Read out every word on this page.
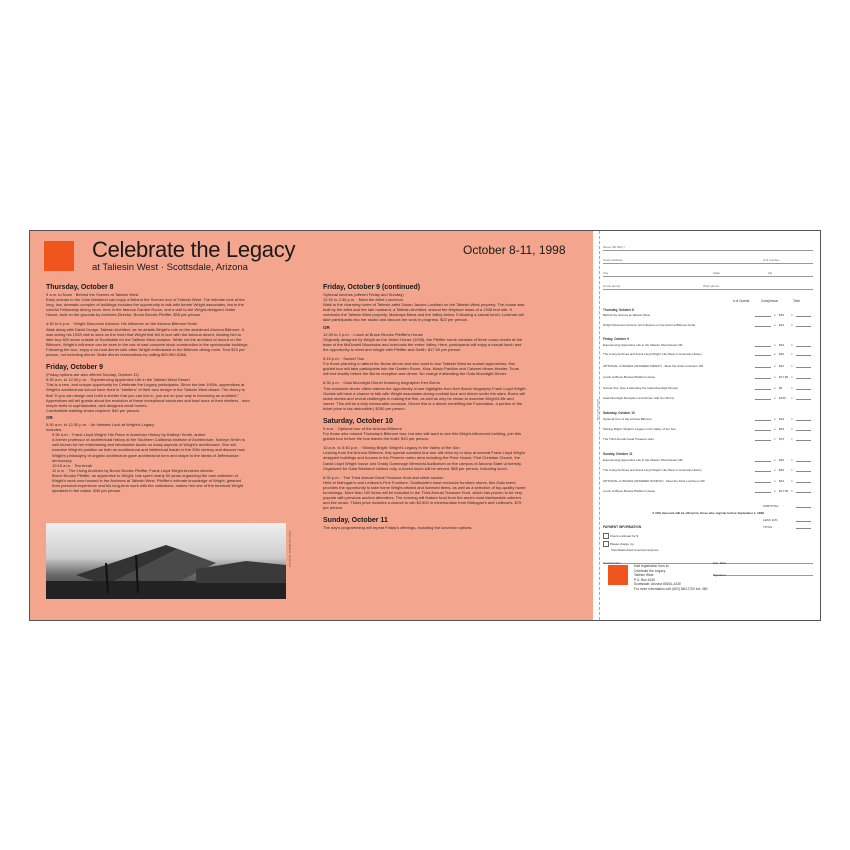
Celebrate the Legacy
at Taliesin West · Scottsdale, Arizona
October 8-11, 1998
Thursday, October 8
9 a.m. to Noon · Behind the Scenes at Taliesin West
Early arrivals to the Gala Weekend can enjoy a Behind the Scenes tour of Taliesin West. The intimate look at the
long, low, dramatic complex of buildings includes the opportunity to talk with former Wright associates, tea in the
colorful Fellowship dining room, time in the famous Garden Room, and a visit to the Wright-designed Jester
House, built on the grounds by Archives Director, Bruce Brooks Pfeiffer. $35 per person.
4:30 to 6 p.m. · Wright Discovers Arizona: His Influence on the Arizona Biltmore Hotel
Walk along with David Dodge, Taliesin Architect, as he details Wright's role on the acclaimed Arizona Biltmore. It
was during his 1928 visit to work on the hotel that Wright first fell in love with the Arizona desert, leading him to
later buy 600 acres outside of Scottsdale for the Taliesin West campus. While not the architect of record on the
Biltmore, Wright's influence can be seen in the use of cast concrete block construction in the spectacular buildings.
Following the tour, enjoy a no-host dinner with other Wright enthusiasts in the Biltmore dining room. Tour $10 per
person, not including dinner. Make dinner reservations by calling 800-950-0086.
Friday, October 9
(Friday options are also offered Sunday, October 11)
9:30 a.m. to 12:30 p.m. · Experiencing Apprentice Life in the Taliesin West Desert
This is a rare, and unique opportunity for Celebrate the Legacy participants. Since the late 1930s, apprentices at
Wright's architectural school have lived in "shelters" of their own design in the Taliesin West desert. The theory is
that "If you can design and build a shelter that you can live in, you are on your way to becoming an architect."
Apprentices will tell guests about the evolution of these exceptional structures and lead tours of their shelters - from
simple tents to sophisticated, well-designed small homes.
Comfortable walking shoes required. $40 per person.
OR
9:30 a.m. to 12:30 p.m. · An Intimate Look at Wright's Legacy
Includes:
9:30 a.m. · Frank Lloyd Wright: His Place in American History by Kathryn Smith, author
A former professor of architectural history at the Southern California Institute of Architecture, Kathryn Smith is
well known for her entertaining and informative books on many aspects of Wright's architecture. She will
examine Wright's position as both an architectural and intellectual leader in the 20th century and discuss how
Wright's philosophy of organic architecture gave architectural form and shape to the ideals of Jeffersonian
democracy.
10:15 a.m. · Tea break
11 a.m. · The Living Archives by Bruce Brooks Pfeiffer, Frank Lloyd Wright Archives director
Bruce Brooks Pfeiffer, an apprentice to Wright, has spent nearly 50 years organizing the vast collection of
Wright's work now housed in the Archives at Taliesin West. Pfeiffer's intimate knowledge of Wright, gleaned
from personal experience and his long-term work with the collections, makes him one of the foremost Wright
speakers in the nation. $40 per person.
Photo by Mark E. Guerrera
Friday, October 9 (continued)
Optional lunches (offered Friday and Sunday)
12:30 to 2:30 p.m. · Meet the Artist Luncheon
Walk to the charming home of Taliesin artist Susan Jacobs Lockhart on the Taliesin West property. The house was
built by the artist and her late husband, a Taliesin Architect, around the fireplace mass of a 1938 tent site. It
overlooks the Taliesin West property, Maricopa Mesa and the Valley below. Following a casual lunch, Lockhart will
take participants into her studio and discuss her work in progress. $22 per person.
OR
12:30 to 2 p.m. · Lunch at Bruce Brooks Pfeiffer's House
Originally designed by Wright as the Jester House (1938), the Pfeiffer home consists of three round circles at the
base of the McDowell Mountains and overlooks the entire Valley. Here, participants will enjoy a casual lunch and
the opportunity to meet and mingle with Pfeiffer and Smith. $17.50 per person.
5:15 p.m. · Sunset Tour
For those planning to attend the Burns dinner and who want to tour Taliesin West as sunset approaches, this
guided tour will take participants into the Garden Room, Kiva, Music Pavilion and Cabaret dinner-theater. Tours
will end shortly before the Burns reception and dinner. No charge if attending the Gala Moonlight Dinner.
6:30 p.m. · Gala Moonlight Dinner featuring biographer Ken Burns
This exclusive dinner offers visitors the opportunity to see highlights from Ken Burns' biography Frank Lloyd Wright.
Guests will have a chance to talk with Wright associates during cocktail hour and dinner under the stars. Burns will
share stories and reveal challenges in making the film, as well as why he chose to examine Wright's life and
career. This will be a truly memorable occasion. Dinner this is a dinner benefiting the Foundation, a portion of the
ticket price is tax deductible.) $150 per person.
Saturday, October 10
9 a.m. · Optional tour of the Arizona Biltmore
For those who missed Thursday's Biltmore tour, but who still want to see this Wright-influenced building, join this
guided tour before the bus leaves the hotel. $10 per person.
10 a.m. to 3:30 p.m. · Shining Bright: Wright's Legacy in the Valley of the Sun
Leaving from the Arizona Biltmore, this special narrated bus tour will drive by or stop at several Frank Lloyd Wright
designed buildings and houses in the Phoenix metro area including the Price House, First Christian Church, the
David Lloyd Wright house and Grady Gammage Memorial Auditorium on the campus of Arizona State University.
Organized for Gala Weekend visitors only, a boxed lunch will be served. $65 per person, including lunch.
6:30 p.m. · The Third Annual Great Treasure Hunt and silent auction
Held at Mahogan's and Ledbow's Fine Furniture, Scottsdale's most exclusive furniture stores, this Gala event
provides the opportunity to take home Wright-related and licensed items, as well as a selection of top-quality home
furnishings. More than 100 items will be included in the Third Annual Treasure Hunt, which has proven to be very
popular with previous auction attendees. The evening will feature food from the area's most fashionable caterers
and live music. Ticket price includes a chance to win $2,500 in merchandise from Mahogan's and Ledbow's. $75
per person.
Sunday, October 11
The day's programming will repeat Friday's offerings, including the luncheon options.
detach and mail
Name (Mr./Mrs.)
Street Address	Unit number
City	State	Zip
Home phone	Work phone
# of Guests	Cost/person	Total
Thursday, October 8
Behind the Scenes at Taliesin West	x $35 =
Wright Discovers Arizona: His Influence on the Arizona Biltmore Hotel	x $10 =
Friday, October 9
Experiencing Apprentice Life in the Taliesin West Desert OR	x $40 =
The Living Archives and Frank Lloyd Wright: His Place in American History	x $40 =
OPTIONAL LUNCHES (OFFERED FRIDAY) · Meet the Artist Luncheon OR	x $22 =
Lunch at Bruce Brooks Pfeiffer's House	x $17.50 =
Sunset Tour (free if attending the Gala Moonlight Dinner)	x $0	=
Gala Moonlight Reception and Dinner with Ken Burns	x $150 =
Saturday, October 10
Optional Tour of the Arizona Biltmore	x $10 =
Shining Bright: Wright's Legacy in the Valley of the Sun	x $65 =
The Third Annual Great Treasure Hunt	x $75 =
Sunday, October 11
Experiencing Apprentice Life in the Taliesin West Desert OR	x $40 =
The Living Archives and Frank Lloyd Wright: His Place in American History	x $40 =
OPTIONAL LUNCHES (OFFERED SUNDAY) · Meet the Artist Luncheon OR	x $22 =
Lunch at Bruce Brooks Pfeiffer's House	x $17.50 =
SUBTOTAL
A 10% discount will be offered to those who register before September 1, 1998
LESS 10%
PAYMENT INFORMATION	TOTAL
Check enclosed for $
Please charge my
Visa MasterCard American Express
Card Number	Exp. Date
Signature
Mail registration form to:
Celebrate the Legacy
Taliesin West
P.O. Box 4430
Scottsdale, Arizona 85261-4430
For more information call: (602) 860-2700 ext. 480
